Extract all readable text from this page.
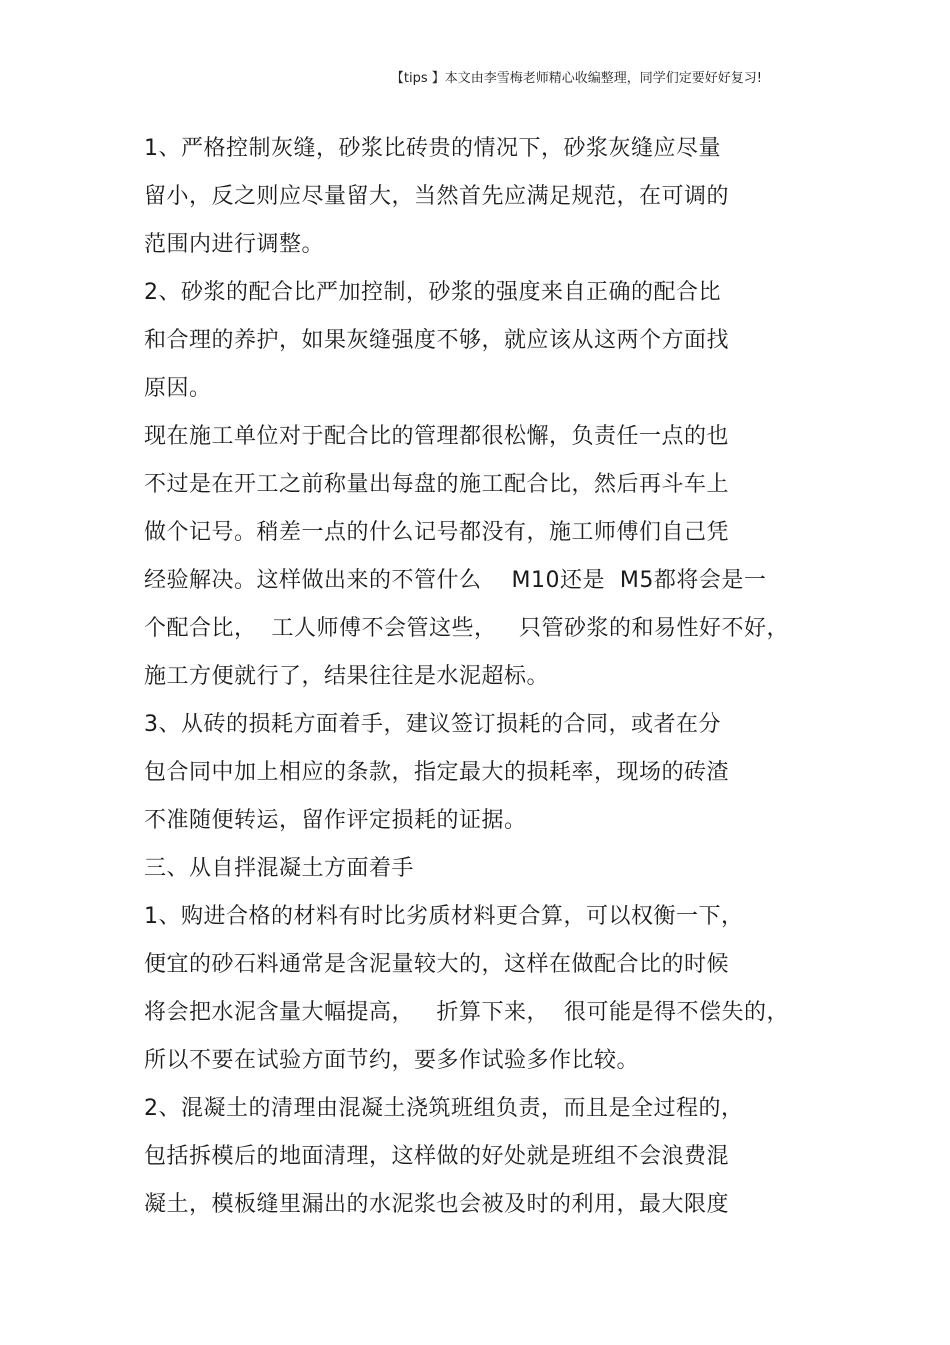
【tips 】本文由李雪梅老师精心收编整理，同学们定要好好复习!
1、严格控制灰缝，砂浆比砖贵的情况下，砂浆灰缝应尽量
留小，反之则应尽量留大，当然首先应满足规范，在可调的
范围内进行调整。
2、砂浆的配合比严加控制，砂浆的强度来自正确的配合比
和合理的养护，如果灰缝强度不够，就应该从这两个方面找
原因。
现在施工单位对于配合比的管理都很松懈，负责任一点的也
不过是在开工之前称量出每盘的施工配合比，然后再斗车上
做个记号。稍差一点的什么记号都没有，施工师傅们自己凭
经验解决。这样做出来的不管什么    M10还是  M5都将会是一
个配合比，  工人师傅不会管这些，   只管砂浆的和易性好不好，
施工方便就行了，结果往往是水泥超标。
3、从砖的损耗方面着手，建议签订损耗的合同，或者在分
包合同中加上相应的条款，指定最大的损耗率，现场的砖渣
不准随便转运，留作评定损耗的证据。
三、从自拌混凝土方面着手
1、购进合格的材料有时比劣质材料更合算，可以权衡一下，
便宜的砂石料通常是含泥量较大的，这样在做配合比的时候
将会把水泥含量大幅提高，   折算下来，  很可能是得不偿失的，
所以不要在试验方面节约，要多作试验多作比较。
2、混凝土的清理由混凝土浇筑班组负责，而且是全过程的，
包括拆模后的地面清理，这样做的好处就是班组不会浪费混
凝土，模板缝里漏出的水泥浆也会被及时的利用，最大限度
